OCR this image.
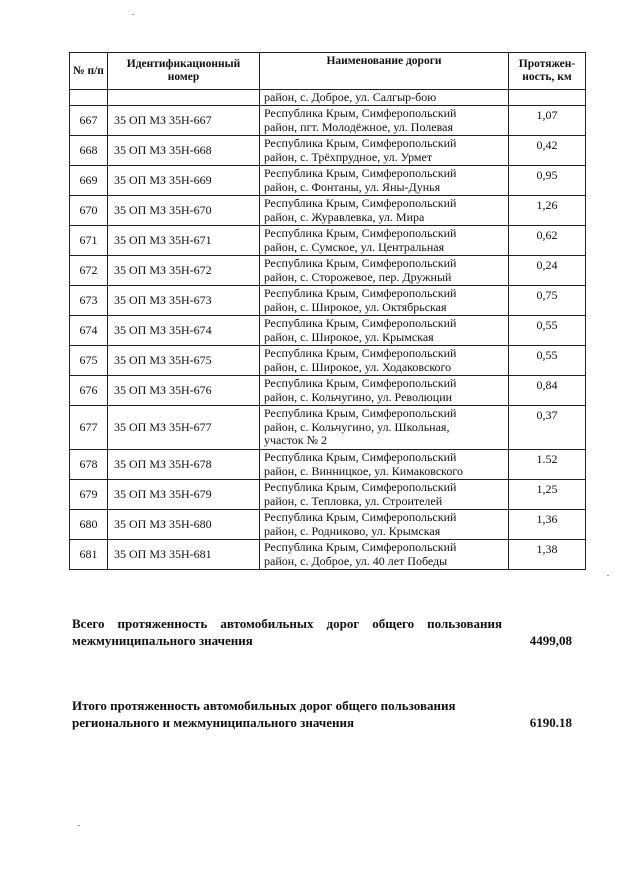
№ п/п	Идентификационный номер	Наименование дороги	Протяжен-ность, км
		район, с. Доброе, ул. Салгыр-бою	
667	35 ОП МЗ 35Н-667	Республика Крым, Симферопольский
район, пгт. Молодёжное, ул. Полевая	1,07
668	35 ОП МЗ 35Н-668	Республика Крым, Симферопольский
район, с. Трёхпрудное, ул. Урмет	0,42
669	35 ОП МЗ 35Н-669	Республика Крым, Симферопольский
район, с. Фонтаны, ул. Яны-Дунья	0,95
670	35 ОП МЗ 35Н-670	Республика Крым, Симферопольский
район, с. Журавлевка, ул. Мира	1,26
671	35 ОП МЗ 35Н-671	Республика Крым, Симферопольский
район, с. Сумское, ул. Центральная	0,62
672	35 ОП МЗ 35Н-672	Республика Крым, Симферопольский
район, с. Сторожевое, пер. Дружный	0,24
673	35 ОП МЗ 35Н-673	Республика Крым, Симферопольский
район, с. Широкое, ул. Октябрьская	0,75
674	35 ОП МЗ 35Н-674	Республика Крым, Симферопольский
район, с. Широкое, ул. Крымская	0,55
675	35 ОП МЗ 35Н-675	Республика Крым, Симферопольский
район, с. Широкое, ул. Ходаковского	0,55
676	35 ОП МЗ 35Н-676	Республика Крым, Симферопольский
район, с. Кольчугино, ул. Революции	0,84
677	35 ОП МЗ 35Н-677	Республика Крым, Симферопольский
район, с. Кольчугино, ул. Школьная,
участок № 2	0,37
678	35 ОП МЗ 35Н-678	Республика Крым, Симферопольский
район, с. Винницкое, ул. Кимаковского	1.52
679	35 ОП МЗ 35Н-679	Республика Крым, Симферопольский
район, с. Тепловка, ул. Строителей	1,25
680	35 ОП МЗ 35Н-680	Республика Крым, Симферопольский
район, с. Родниково, ул. Крымская	1,36
681	35 ОП МЗ 35Н-681	Республика Крым, Симферопольский
район, с. Доброе, ул. 40 лет Победы	1,38
Всего протяженность автомобильных дорог общего пользования межмуниципального значения	4499,08
Итого протяженность автомобильных дорог общего пользования регионального и межмуниципального значения	6190.18
